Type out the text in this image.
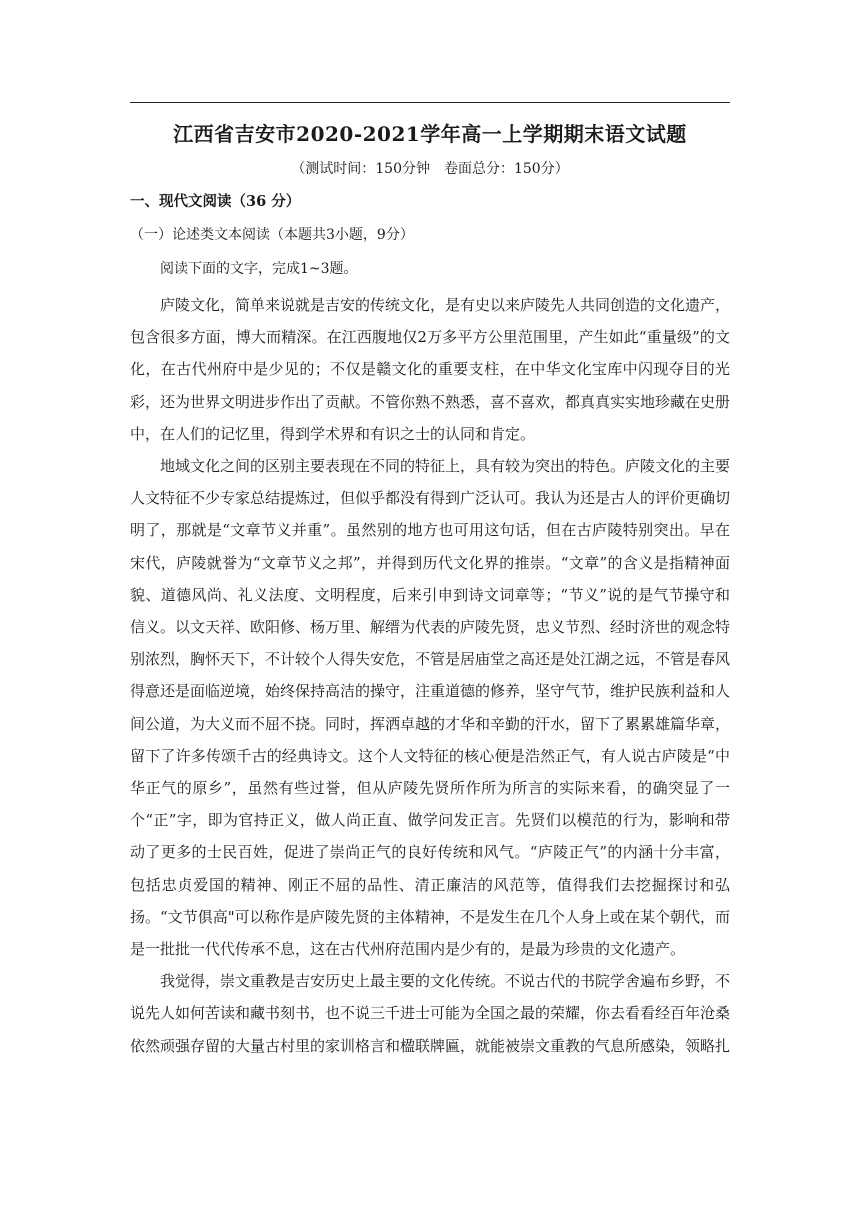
江西省吉安市2020-2021学年高一上学期期末语文试题
（测试时间：150分钟　卷面总分：150分）
一、现代文阅读（36 分）
（一）论述类文本阅读（本题共3小题，9分）
阅读下面的文字，完成1~3题。

庐陵文化，简单来说就是吉安的传统文化，是有史以来庐陵先人共同创造的文化遗产，包含很多方面，博大而精深。在江西腹地仅2万多平方公里范围里，产生如此“重量级”的文化，在古代州府中是少见的；不仅是赣文化的重要支柱，在中华文化宝库中闪现夺目的光彩，还为世界文明进步作出了贡献。不管你熟不熟悉，喜不喜欢，都真真实实地珍藏在史册中，在人们的记忆里，得到学术界和有识之士的认同和肯定。

地域文化之间的区别主要表现在不同的特征上，具有较为突出的特色。庐陵文化的主要人文特征不少专家总结提炼过，但似乎都没有得到广泛认可。我认为还是古人的评价更确切明了，那就是“文章节义并重”。虽然别的地方也可用这句话，但在古庐陵特别突出。早在宋代，庐陵就誉为“文章节义之邦”，并得到历代文化界的推崇。“文章”的含义是指精神面貌、道德风尚、礼义法度、文明程度，后来引申到诗文词章等；“节义”说的是气节操守和信义。以文天祥、欧阳修、杨万里、解缙为代表的庐陵先贤，忠义节烈、经时济世的观念特别浓烈，胸怀天下，不计较个人得失安危，不管是居庙堂之高还是处江湖之远，不管是春风得意还是面临逆境，始终保持高洁的操守，注重道德的修养，坚守气节，维护民族利益和人间公道，为大义而不屈不挠。同时，挥洒卓越的才华和辛勤的汗水，留下了累累雄篇华章，留下了许多传颂千古的经典诗文。这个人文特征的核心便是浩然正气，有人说古庐陵是“中华正气的原乡”，虽然有些过誉，但从庐陵先贤所作所为所言的实际来看，的确突显了一个“正”字，即为官持正义，做人尚正直、做学问发正言。先贤们以模范的行为，影响和带动了更多的士民百姓，促进了崇尚正气的良好传统和风气。“庐陵正气”的内涵十分丰富，包括忠贞爱国的精神、刚正不屈的品性、清正廉洁的风范等，值得我们去挖掘探讨和弘扬。“文节俱高"可以称作是庐陵先贤的主体精神，不是发生在几个人身上或在某个朝代，而是一批批一代代传承不息，这在古代州府范围内是少有的，是最为珍贵的文化遗产。

我觉得，崇文重教是吉安历史上最主要的文化传统。不说古代的书院学舍遍布乡野，不说先人如何苦读和藏书刻书，也不说三千进士可能为全国之最的荣耀，你去看看经百年沧桑依然顽强存留的大量古村里的家训格言和楹联牌匾，就能被崇文重教的气息所感染，领略扎
